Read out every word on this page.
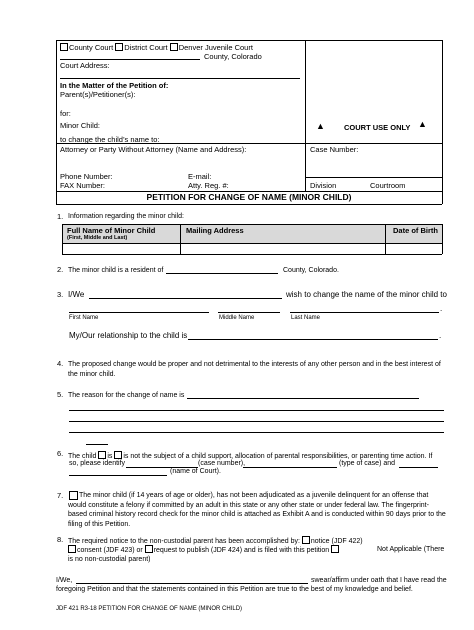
County Court District Court Denver Juvenile Court
County, Colorado
Court Address:
In the Matter of the Petition of:
Parent(s)/Petitioner(s):
for:
Minor Child:
to change the child’s name to:
▲	COURT USE ONLY ▲
Attorney or Party Without Attorney (Name and Address):	Case Number:
Phone Number:	E-mail:
FAX Number:	Atty. Reg. #:	Division	Courtroom
PETITION FOR CHANGE OF NAME (MINOR CHILD)
1. Information regarding the minor child:
Full Name of Minor Child
(First, Middle and Last)
Mailing Address	Date of Birth
2. The minor child is a resident of	County, Colorado.
3. I/We	wish to change the name of the minor child to
.
First Name	Middle Name	Last Name
My/Our relationship to the child is	.
4. The proposed change would be proper and not detrimental to the interests of any other person and in the best interest of the minor child.
5. The reason for the change of name is
6. The child is is not the subject of a child support, allocation of parental responsibilities, or parenting time action. If
so, please identify	(case number),	(type of case) and
(name of Court).
7.	The minor child (if 14 years of age or older), has not been adjudicated as a juvenile delinquent for an offense that would constitute a felony if committed by an adult in this state or any other state or under federal law. The fingerprint-based criminal history record check for the minor child is attached as Exhibit A and is conducted within 90 days prior to the filing of this Petition.
8. The required notice to the non-custodial parent has been accomplished by: notice (JDF 422)
consent (JDF 423) or request to publish (JDF 424) and is filed with this petition	Not Applicable (There is no non-custodial parent)
I/We,	swear/affirm under oath that I have read the
foregoing Petition and that the statements contained in this Petition are true to the best of my knowledge and belief.
JDF 421 R3-18 PETITION FOR CHANGE OF NAME (MINOR CHILD)
